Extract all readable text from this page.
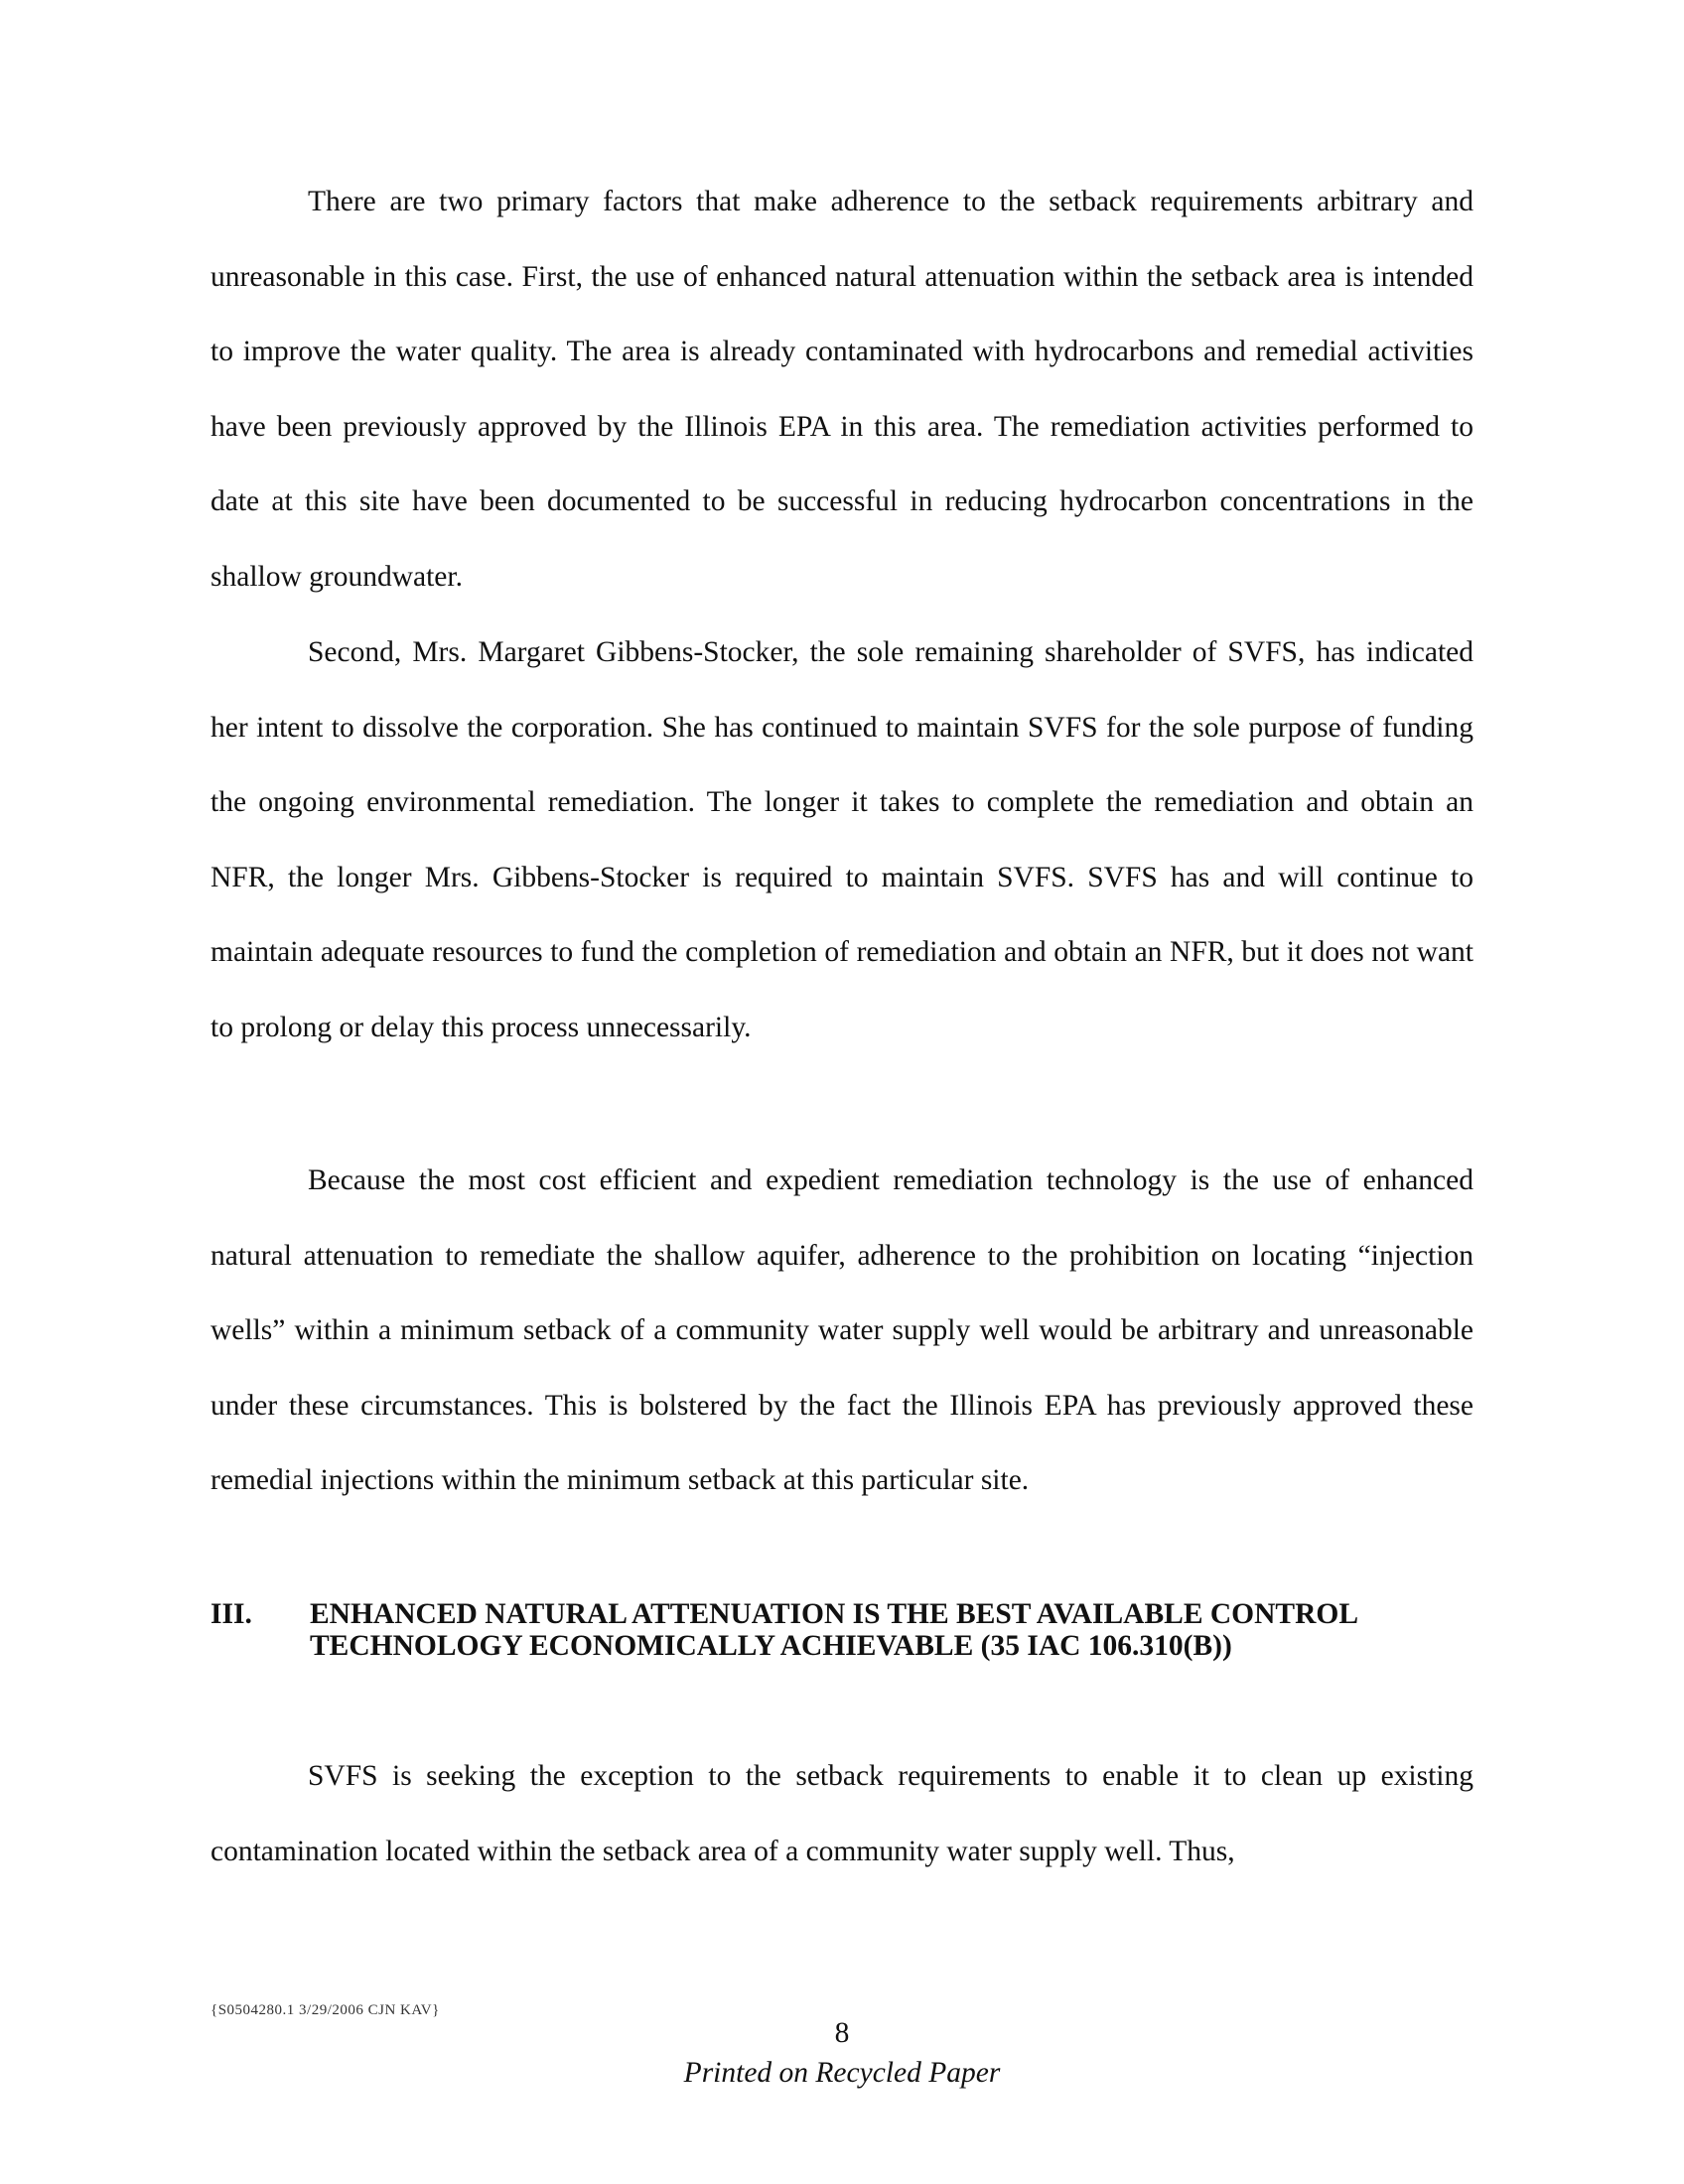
There are two primary factors that make adherence to the setback requirements arbitrary and unreasonable in this case. First, the use of enhanced natural attenuation within the setback area is intended to improve the water quality. The area is already contaminated with hydrocarbons and remedial activities have been previously approved by the Illinois EPA in this area. The remediation activities performed to date at this site have been documented to be successful in reducing hydrocarbon concentrations in the shallow groundwater.

Second, Mrs. Margaret Gibbens-Stocker, the sole remaining shareholder of SVFS, has indicated her intent to dissolve the corporation. She has continued to maintain SVFS for the sole purpose of funding the ongoing environmental remediation. The longer it takes to complete the remediation and obtain an NFR, the longer Mrs. Gibbens-Stocker is required to maintain SVFS. SVFS has and will continue to maintain adequate resources to fund the completion of remediation and obtain an NFR, but it does not want to prolong or delay this process unnecessarily.

Because the most cost efficient and expedient remediation technology is the use of enhanced natural attenuation to remediate the shallow aquifer, adherence to the prohibition on locating “injection wells” within a minimum setback of a community water supply well would be arbitrary and unreasonable under these circumstances. This is bolstered by the fact the Illinois EPA has previously approved these remedial injections within the minimum setback at this particular site.

III.	ENHANCED NATURAL ATTENUATION IS THE BEST AVAILABLE CONTROL TECHNOLOGY ECONOMICALLY ACHIEVABLE (35 IAC 106.310(B))

SVFS is seeking the exception to the setback requirements to enable it to clean up existing contamination located within the setback area of a community water supply well. Thus,

{S0504280.1 3/29/2006 CJN KAV}
8
Printed on Recycled Paper
